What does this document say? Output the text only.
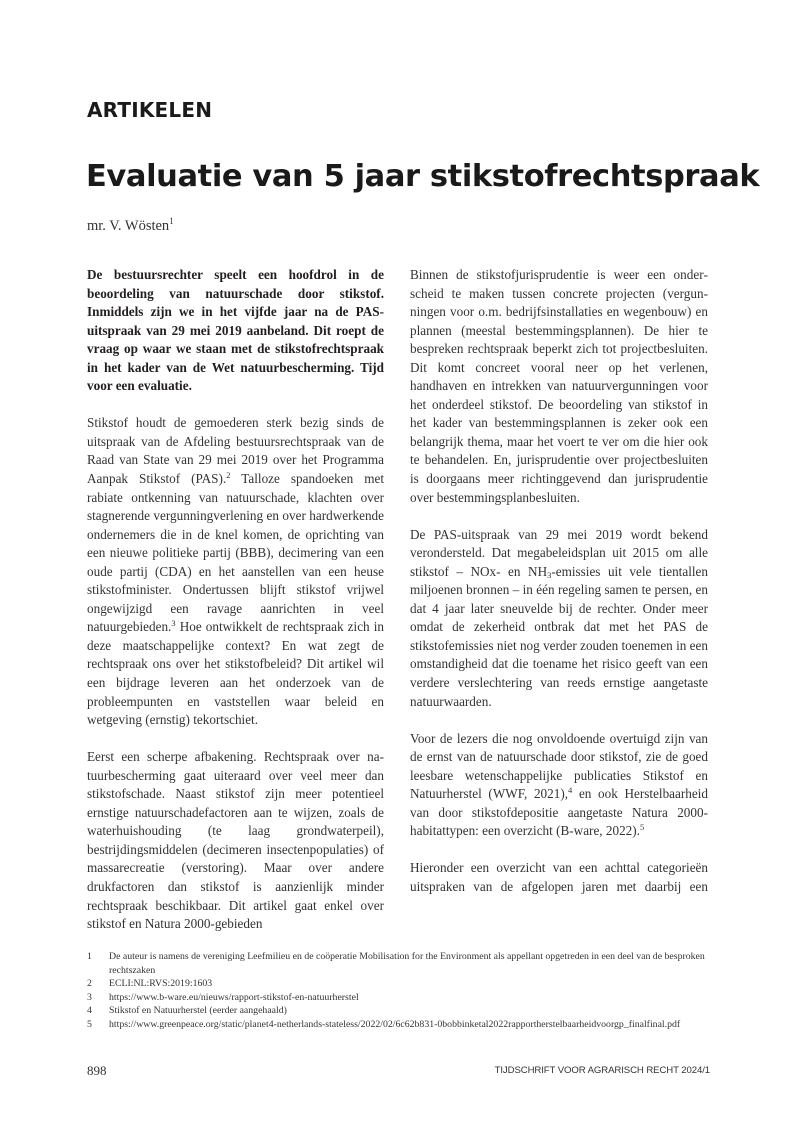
ARTIKELEN
Evaluatie van 5 jaar stikstofrechtspraak
mr. V. Wösten$^1$

De bestuursrechter speelt een hoofdrol in de beoordeling van natuurschade door stikstof. Inmiddels zijn we in het vijfde jaar na de PAS-uitspraak van 29 mei 2019 aanbeland. Dit roept de vraag op waar we staan met de stikstofrechtspraak in het kader van de Wet natuurbescherming. Tijd voor een evaluatie.

Stikstof houdt de gemoederen sterk bezig sinds de uitspraak van de Afdeling bestuursrechtspraak van de Raad van State van 29 mei 2019 over het Programma Aanpak Stikstof (PAS).$^2$ Talloze spandoeken met rabiate ontkenning van natuurschade, klachten over stagnerende vergunningverlening en over hardwerkende ondernemers die in de knel komen, de oprichting van een nieuwe politieke partij (BBB), decimering van een oude partij (CDA) en het aanstellen van een heuse stikstofminister. Ondertussen blijft stikstof vrijwel ongewijzigd een ravage aanrichten in veel natuurgebieden.$^3$ Hoe ontwikkelt de rechtspraak zich in deze maatschappelijke context? En wat zegt de rechtspraak ons over het stikstofbeleid? Dit artikel wil een bijdrage leveren aan het onderzoek van de probleempunten en vaststellen waar beleid en wetgeving (ernstig) tekortschiet.

Eerst een scherpe afbakening. Rechtspraak over natuurbescherming gaat uiteraard over veel meer dan stikstofschade. Naast stikstof zijn meer potentieel ernstige natuurschadefactoren aan te wijzen, zoals de waterhuishouding (te laag grondwaterpeil), bestrijdingsmiddelen (decimeren insectenpopulaties) of massarecreatie (verstoring). Maar over andere drukfactoren dan stikstof is aanzienlijk minder rechtspraak beschikbaar. Dit artikel gaat enkel over stikstof en Natura 2000-gebieden

Binnen de stikstofjurisprudentie is weer een onderscheid te maken tussen concrete projecten (vergunningen voor o.m. bedrijfsinstallaties en wegenbouw) en plannen (meestal bestemmingsplannen). De hier te bespreken rechtspraak beperkt zich tot projectbesluiten. Dit komt concreet vooral neer op het verlenen, handhaven en intrekken van natuurvergunningen voor het onderdeel stikstof. De beoordeling van stikstof in het kader van bestemmingsplannen is zeker ook een belangrijk thema, maar het voert te ver om die hier ook te behandelen. En, jurisprudentie over projectbesluiten is doorgaans meer richtinggevend dan jurisprudentie over bestemmingsplanbesluiten.

De PAS-uitspraak van 29 mei 2019 wordt bekend verondersteld. Dat megabeleidsplan uit 2015 om alle stikstof – NOx- en $NH_3$-emissies uit vele tientallen miljoenen bronnen – in één regeling samen te persen, en dat 4 jaar later sneuvelde bij de rechter. Onder meer omdat de zekerheid ontbrak dat met het PAS de stikstofemissies niet nog verder zouden toenemen in een omstandigheid dat die toename het risico geeft van een verdere verslechtering van reeds ernstige aangetaste natuurwaarden.

Voor de lezers die nog onvoldoende overtuigd zijn van de ernst van de natuurschade door stikstof, zie de goed leesbare wetenschappelijke publicaties Stikstof en Natuurherstel (WWF, 2021),$^4$ en ook Herstelbaarheid van door stikstofdepositie aangetaste Natura 2000-habitattypen: een overzicht (B-ware, 2022).$^5$

Hieronder een overzicht van een achttal categorieën uitspraken van de afgelopen jaren met daarbij een

1	De auteur is namens de vereniging Leefmilieu en de coöperatie Mobilisation for the Environment als appellant opgetreden in een deel van de besproken rechtszaken
2	ECLI:NL:RVS:2019:1603
3	https://www.b-ware.eu/nieuws/rapport-stikstof-en-natuurherstel
4	Stikstof en Natuurherstel (eerder aangehaald)
5	https://www.greenpeace.org/static/planet4-netherlands-stateless/2022/02/6c62b831-0bobbinketal2022rapportherstelbaarheidvoorgp_finalfinal.pdf
898	TIJDSCHRIFT VOOR AGRARISCH RECHT 2024/1
